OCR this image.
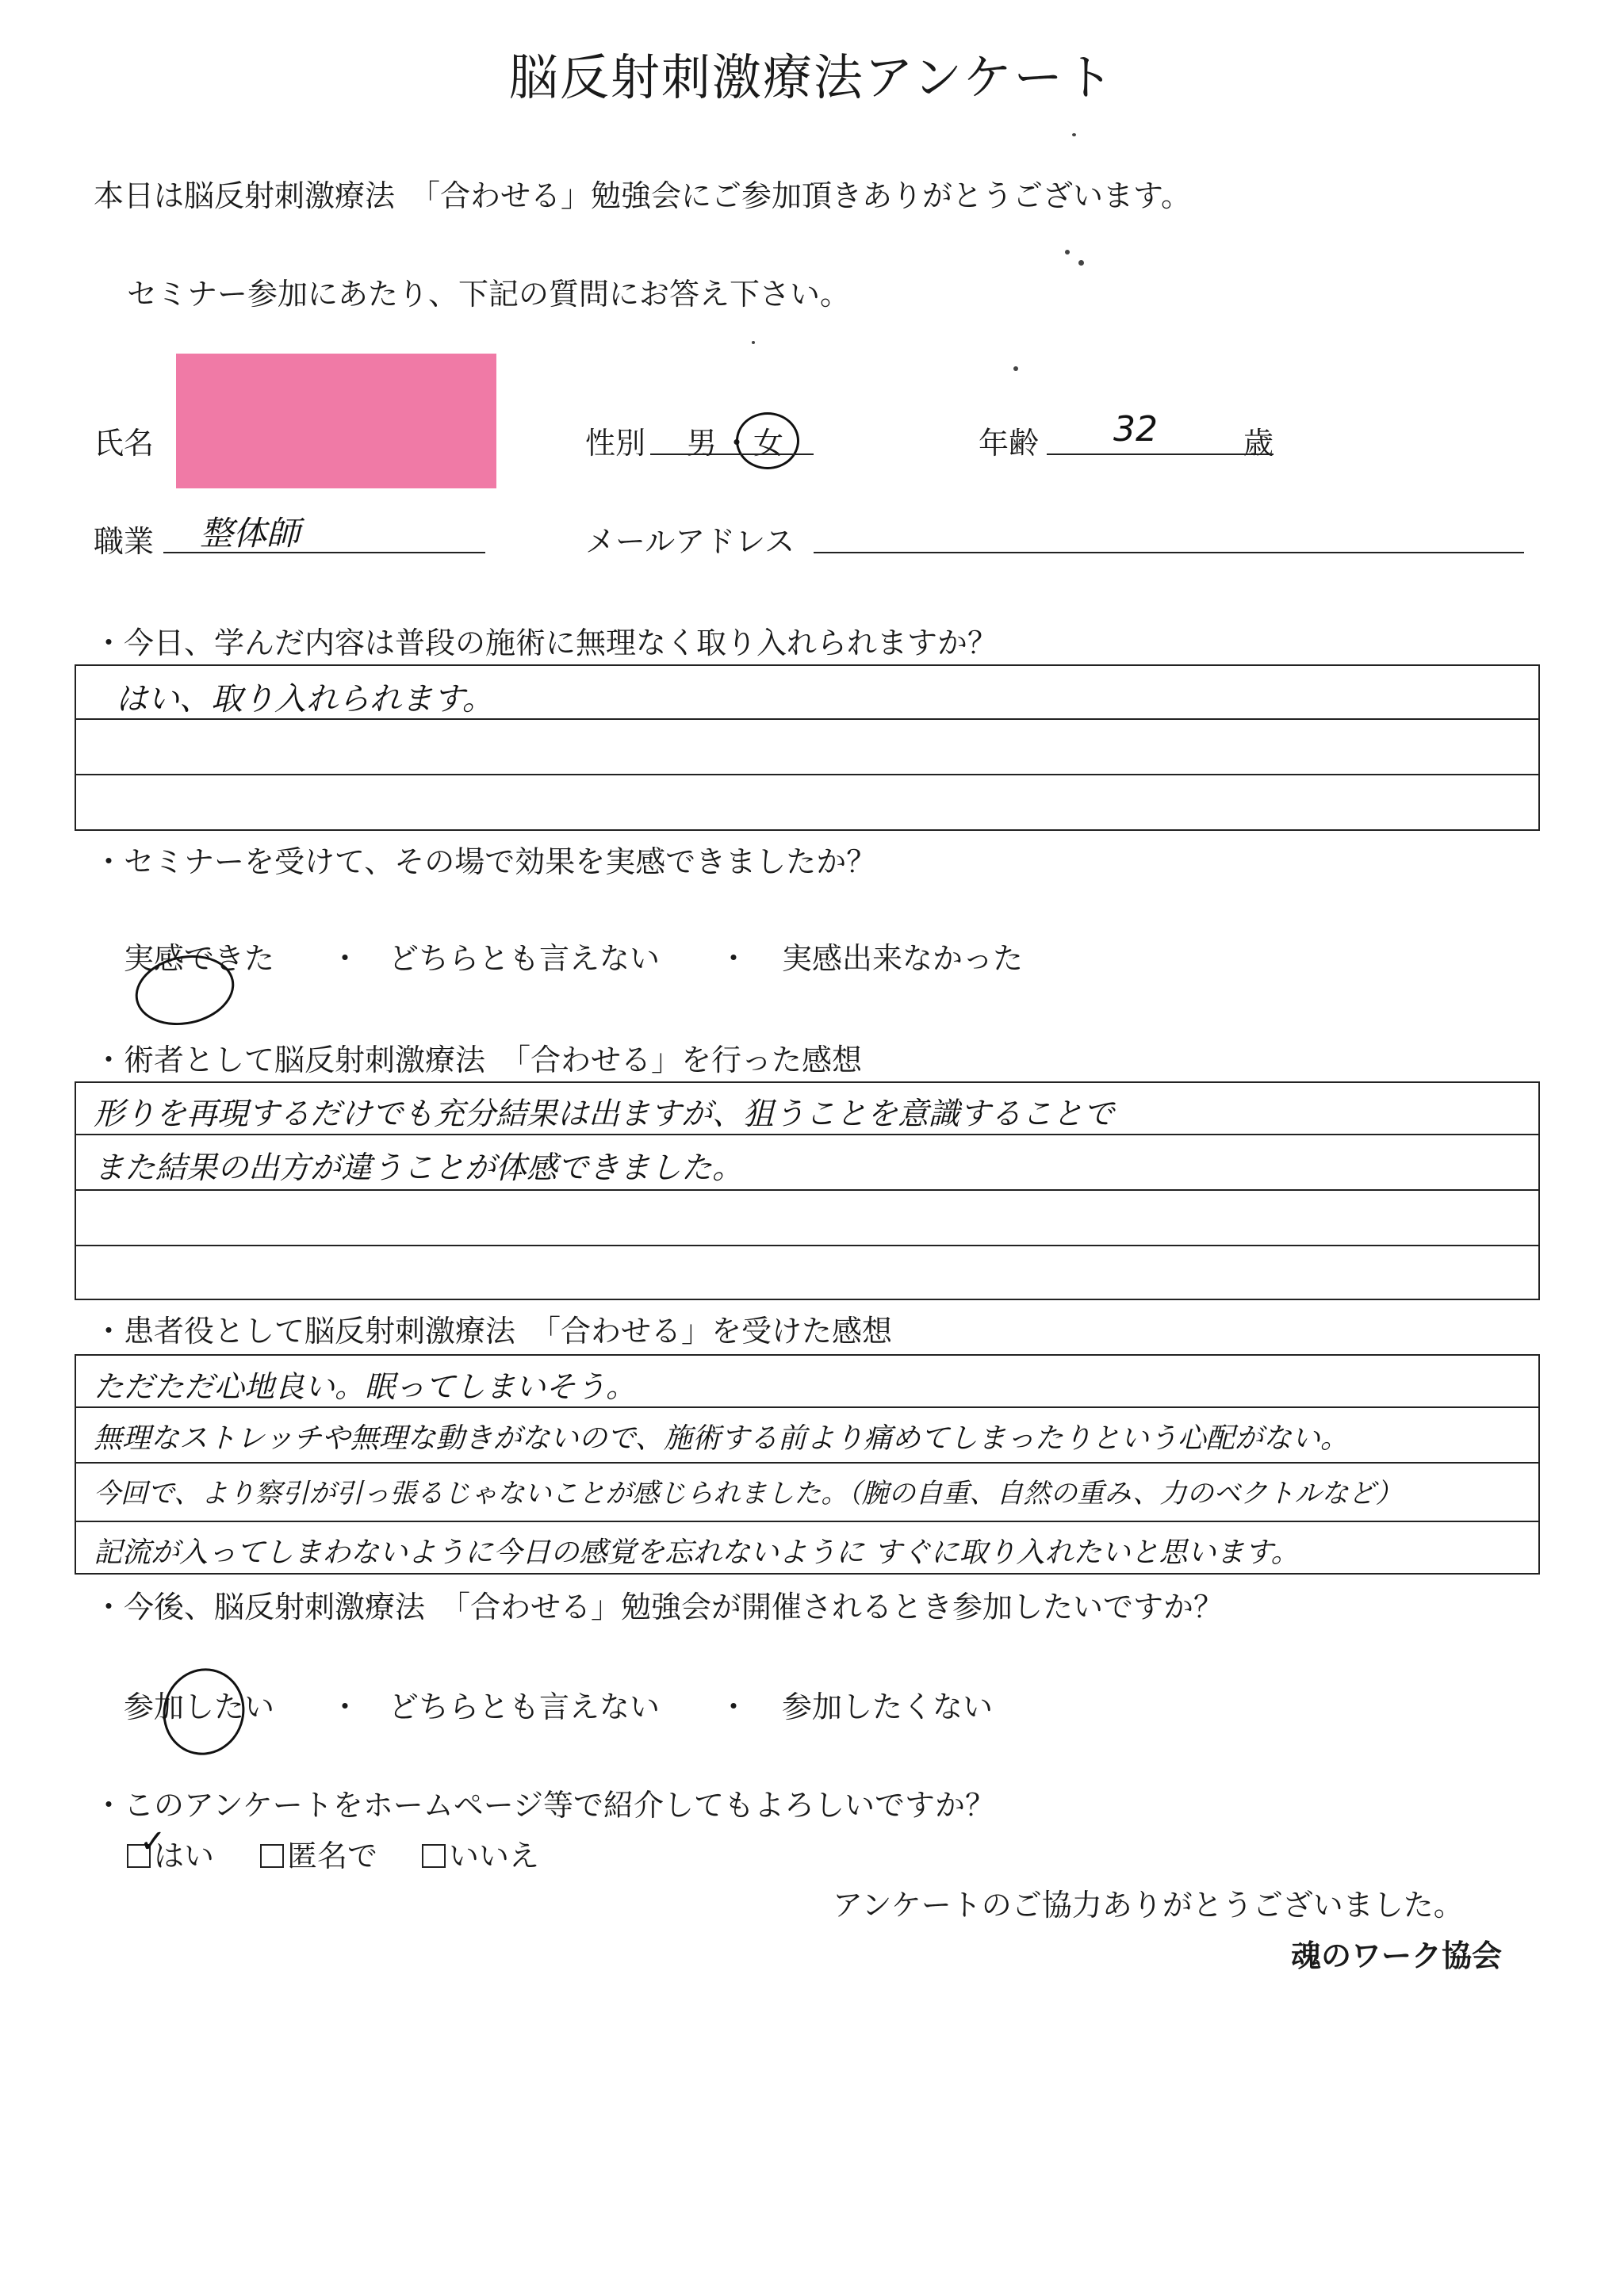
脳反射刺激療法アンケート
本日は脳反射刺激療法　「合わせる」勉強会にご参加頂きありがとうございます。
セミナー参加にあたり、下記の質問にお答え下さい。
氏名	性別 男 ・ 女	年齢 32	歳
職業 整体師	メールアドレス
・今日、学んだ内容は普段の施術に無理なく取り入れられますか？
はい、取り入れられます。
・セミナーを受けて、その場で効果を実感できましたか？
実感できた ・ どちらとも言えない ・ 実感出来なかった
・術者として脳反射刺激療法　「合わせる」を行った感想
形りを再現するだけでも充分結果は出ますが、狙うことを意識することで
また結果の出方が違うことが体感できました。
・患者役として脳反射刺激療法　「合わせる」を受けた感想
ただただ心地良い。眠ってしまいそう。
無理なストレッチや無理な動きがないので、施術する前より痛めてしまったりという心配がない。
今回で、より察引が引っ張るじゃないことが感じられました。（腕の自重、自然の重み、力のベクトルなど）
記流が入ってしまわないように今日の感覚を忘れないように すぐに取り入れたいと思います。
・今後、脳反射刺激療法　「合わせる」勉強会が開催されるとき参加したいですか？
参加したい ・ どちらとも言えない ・ 参加したくない
・このアンケートをホームページ等で紹介してもよろしいですか？
はい
✓	匿名で	いいえ
アンケートのご協力ありがとうございました。
魂のワーク協会
